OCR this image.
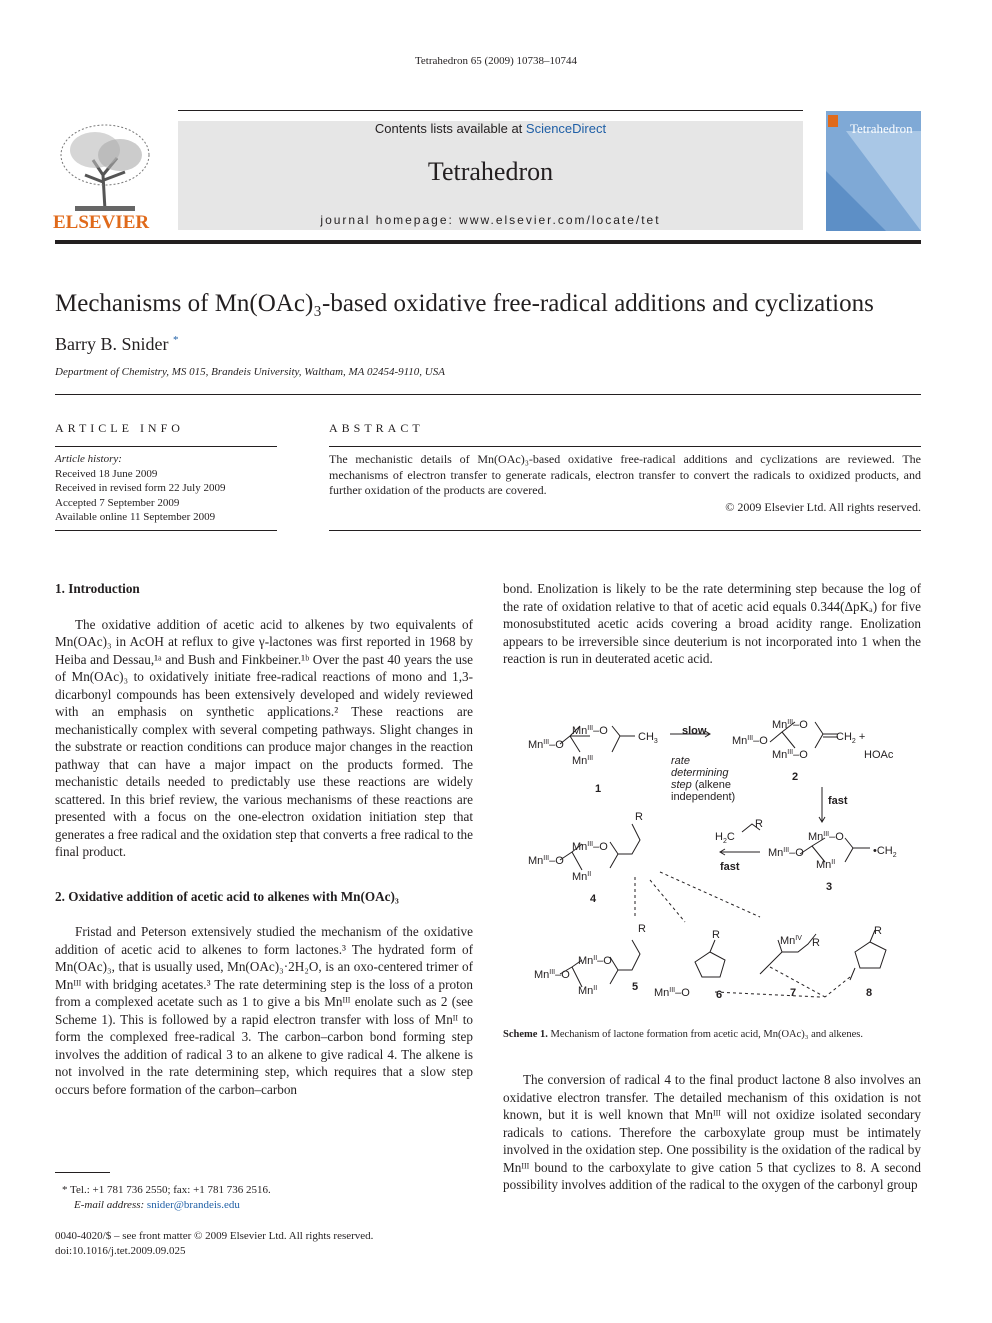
Tetrahedron 65 (2009) 10738–10744
ELSEVIER
Contents lists available at ScienceDirect
Tetrahedron
journal homepage: www.elsevier.com/locate/tet
Tetrahedron
Mechanisms of Mn(OAc)₃-based oxidative free-radical additions and cyclizations
Barry B. Snider *
Department of Chemistry, MS 015, Brandeis University, Waltham, MA 02454-9110, USA
ARTICLE INFO
Article history:
Received 18 June 2009
Received in revised form 22 July 2009
Accepted 7 September 2009
Available online 11 September 2009
ABSTRACT
The mechanistic details of Mn(OAc)₃-based oxidative free-radical additions and cyclizations are reviewed. The mechanisms of electron transfer to generate radicals, electron transfer to convert the radicals to oxidized products, and further oxidation of the products are covered.
© 2009 Elsevier Ltd. All rights reserved.
1. Introduction

The oxidative addition of acetic acid to alkenes by two equivalents of Mn(OAc)₃ in AcOH at reflux to give γ-lactones was first reported in 1968 by Heiba and Dessau,¹ᵃ and Bush and Finkbeiner.¹ᵇ Over the past 40 years the use of Mn(OAc)₃ to oxidatively initiate free-radical reactions of mono and 1,3-dicarbonyl compounds has been extensively developed and widely reviewed with an emphasis on synthetic applications.² These reactions are mechanistically complex with several competing pathways. Slight changes in the substrate or reaction conditions can produce major changes in the reaction pathway that can have a major impact on the products formed. The mechanistic details needed to predictably use these reactions are widely scattered. In this brief review, the various mechanisms of these reactions are presented with a focus on the one-electron oxidation initiation step that generates a free radical and the oxidation step that converts a free radical to the final product.

2. Oxidative addition of acetic acid to alkenes with Mn(OAc)₃

Fristad and Peterson extensively studied the mechanism of the oxidative addition of acetic acid to alkenes to form lactones.³ The hydrated form of Mn(OAc)₃, that is usually used, Mn(OAc)₃·2H₂O, is an oxo-centered trimer of Mnᴵᴵᴵ with bridging acetates.³ The rate determining step is the loss of a proton from a complexed acetate such as 1 to give a bis Mnᴵᴵᴵ enolate such as 2 (see Scheme 1). This is followed by a rapid electron transfer with loss of Mnᴵᴵ to form the complexed free-radical 3. The carbon–carbon bond forming step involves the addition of radical 3 to an alkene to give radical 4. The alkene is not involved in the rate determining step, which requires that a slow step occurs before formation of the carbon–carbon

bond. Enolization is likely to be the rate determining step because the log of the rate of oxidation relative to that of acetic acid equals 0.344(ΔpKₐ) for five monosubstituted acetic acids covering a broad acidity range. Enolization appears to be irreversible since deuterium is not incorporated into 1 when the reaction is run in deuterated acetic acid.

$Mn^{III}-O$
$Mn^{III}-O$
$Mn^{III}$
$CH_3$
1
slow
rate
determining
step (alkene
independent)
$Mn^{III}-O$
$Mn^{III}-O$
$Mn^{III}-O$
$CH_2$ +
HOAc
2
fast
R
$H_2C$
fast
$Mn^{III}-O$
$Mn^{III}-O$
$Mn^{II}$
$•CH_2$
3
R
$Mn^{III}-O$
$Mn^{III}-O$
$Mn^{II}$
4
R
$Mn^{III}-O$
$Mn^{II}-O$
$Mn^{II}$	5
R
$Mn^{III}-O$ 6
$Mn^{IV}$ R
7
R
8
Scheme 1. Mechanism of lactone formation from acetic acid, Mn(OAc)₃ and alkenes.

The conversion of radical 4 to the final product lactone 8 also involves an oxidative electron transfer. The detailed mechanism of this oxidation is not known, but it is well known that Mnᴵᴵᴵ will not oxidize isolated secondary radicals to cations. Therefore the carboxylate group must be intimately involved in the oxidation step. One possibility is the oxidation of the radical by Mnᴵᴵᴵ bound to the carboxylate to give cation 5 that cyclizes to 8. A second possibility involves addition of the radical to the oxygen of the carbonyl group

* Tel.: +1 781 736 2550; fax: +1 781 736 2516.
E-mail address: snider@brandeis.edu
0040-4020/$ – see front matter © 2009 Elsevier Ltd. All rights reserved.
doi:10.1016/j.tet.2009.09.025
